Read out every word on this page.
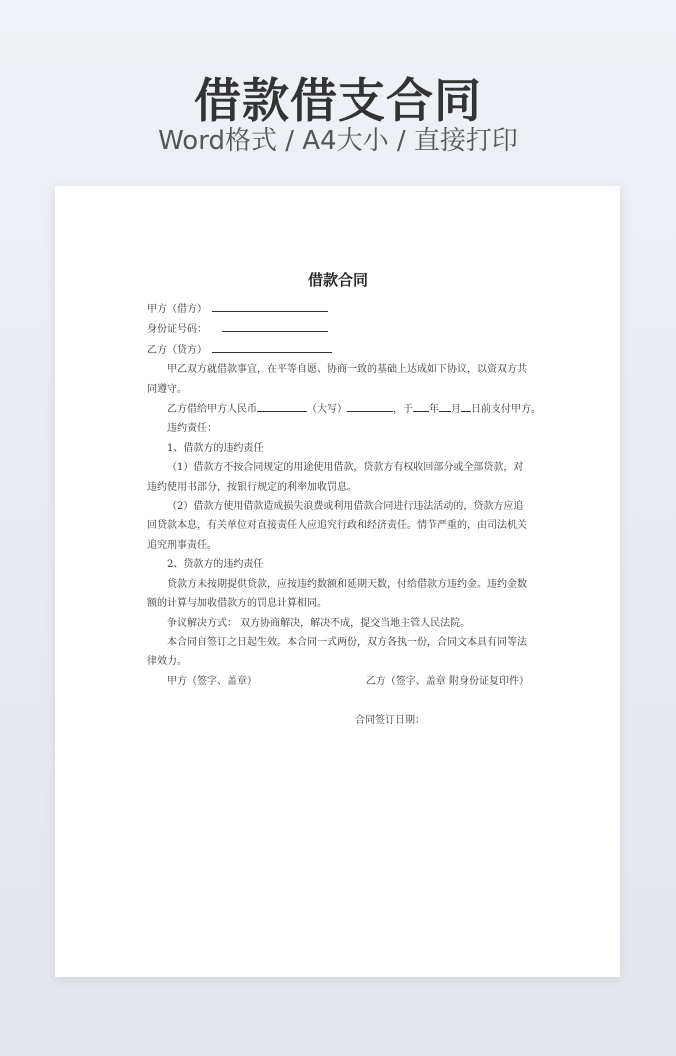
借款借支合同
Word格式 / A4大小 / 直接打印
借款合同
甲方（借方）
身份证号码：
乙方（贷方）
甲乙双方就借款事宜，在平等自愿、协商一致的基础上达成如下协议，以资双方共同遵守。
乙方借给甲方人民币	（大写）	，于 年 月 日前支付甲方。
违约责任：
1、借款方的违约责任
（1）借款方不按合同规定的用途使用借款，贷款方有权收回部分或全部贷款，对违约使用书部分，按银行规定的利率加收罚息。
（2）借款方使用借款造成损失浪费或利用借款合同进行违法活动的，贷款方应追回贷款本息，有关单位对直接责任人应追究行政和经济责任。情节严重的，由司法机关追究刑事责任。
2、贷款方的违约责任
贷款方未按期提供贷款，应按违约数额和延期天数，付给借款方违约金。违约金数额的计算与加收借款方的罚息计算相同。
争议解决方式： 双方协商解决，解决不成，提交当地主管人民法院。
本合同自签订之日起生效。本合同一式两份，双方各执一份，合同文本具有同等法律效力。
甲方（签字、盖章）	乙方（签字、盖章 附身份证复印件）
合同签订日期：
